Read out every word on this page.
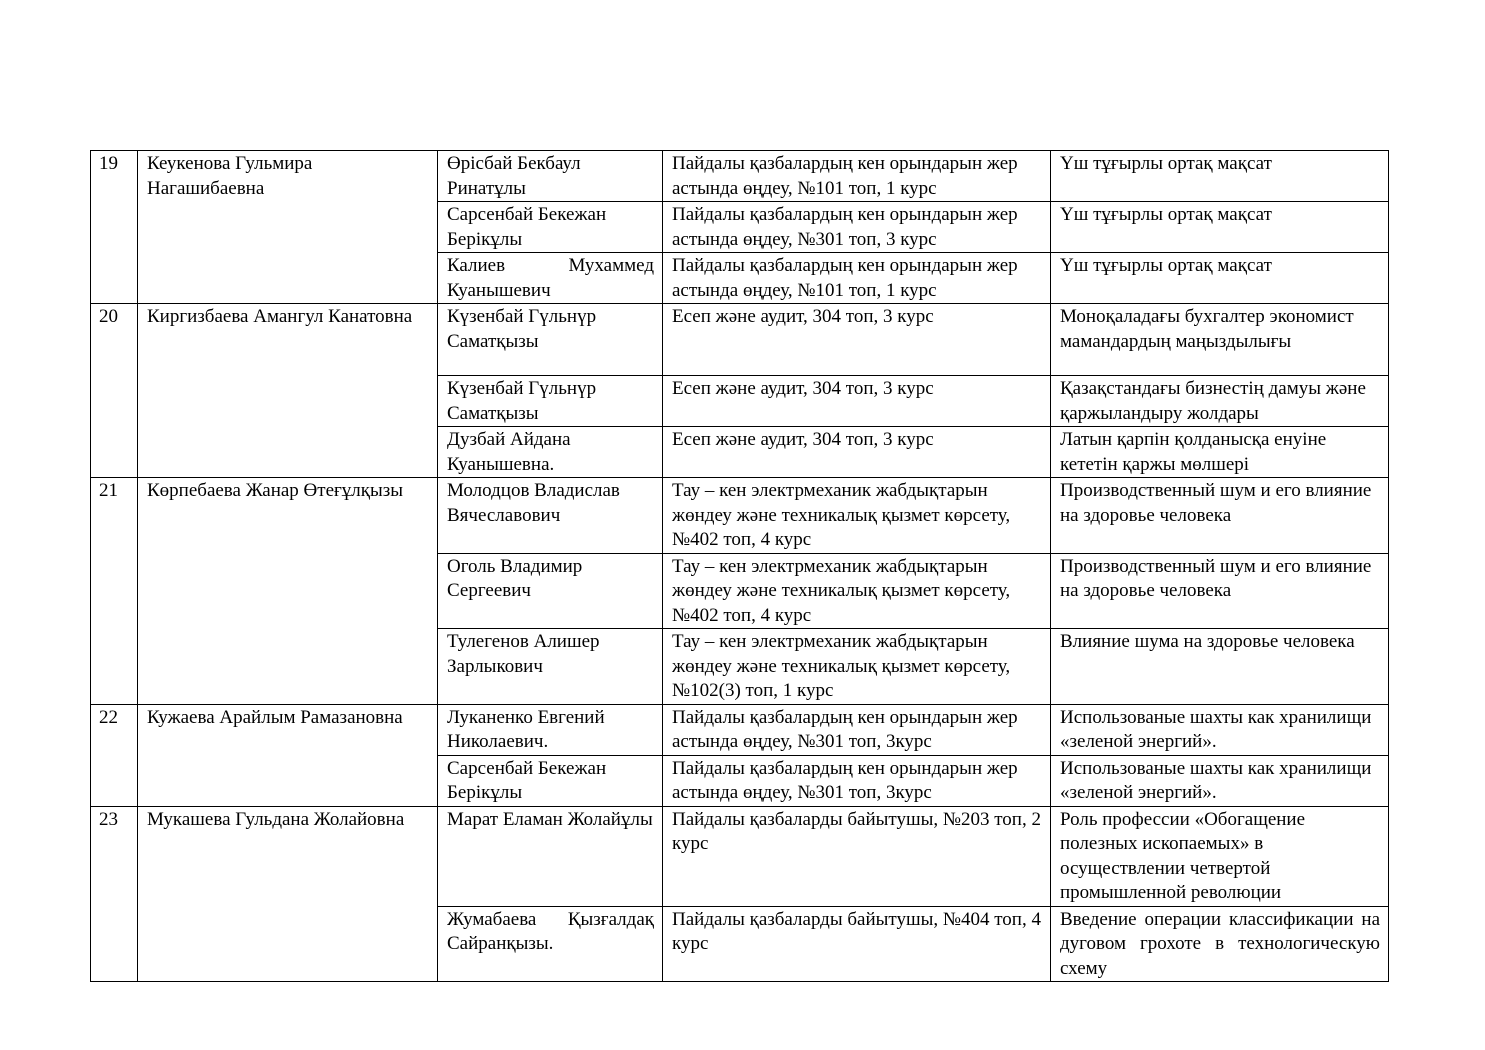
19	Кеукенова Гульмира Нагашибаевна	Өрісбай Бекбаул Ринатұлы	Пайдалы қазбалардың кен орындарын жер астында өңдеу, №101 топ, 1 курс	Үш тұғырлы ортақ мақсат
		Сарсенбай Бекежан Берікұлы	Пайдалы қазбалардың кен орындарын жер астында өңдеу, №301 топ, 3 курс	Үш тұғырлы ортақ мақсат
		Калиев Мухаммед Куанышевич	Пайдалы қазбалардың кен орындарын жер астында өңдеу, №101 топ, 1 курс	Үш тұғырлы ортақ мақсат
20	Киргизбаева Амангул Канатовна	Күзенбай Гүльнүр Саматқызы	Есеп және аудит, 304 топ, 3 курс	Моноқаладағы бухгалтер экономист мамандардың маңыздылығы
		Күзенбай Гүльнүр Саматқызы	Есеп және аудит, 304 топ, 3 курс	Қазақстандағы бизнестің дамуы және қаржыландыру жолдары
		Дузбай Айдана Куанышевна.	Есеп және аудит, 304 топ, 3 курс	Латын қарпін қолданысқа енуіне кететін қаржы мөлшері
21	Көрпебаева Жанар Өтеғұлқызы	Молодцов Владислав Вячеславович	Тау – кен электрмеханик жабдықтарын жөндеу және техникалық қызмет көрсету, №402 топ, 4 курс	Производственный шум и его влияние на здоровье человека
		Оголь Владимир Сергеевич	Тау – кен электрмеханик жабдықтарын жөндеу және техникалық қызмет көрсету, №402 топ, 4 курс	Производственный шум и его влияние на здоровье человека
		Тулегенов Алишер Зарлыкович	Тау – кен электрмеханик жабдықтарын жөндеу және техникалық қызмет көрсету, №102(3) топ, 1 курс	Влияние шума на здоровье человека
22	Кужаева Арайлым Рамазановна	Луканенко Евгений Николаевич.	Пайдалы қазбалардың кен орындарын жер астында өңдеу, №301 топ, 3курс	Использованые шахты как хранилищи «зеленой энергий».
		Сарсенбай Бекежан Берікұлы	Пайдалы қазбалардың кен орындарын жер астында өңдеу, №301 топ, 3курс	Использованые шахты как хранилищи «зеленой энергий».
23	Мукашева Гульдана Жолайовна	Марат Еламан Жолайұлы	Пайдалы қазбаларды байытушы, №203 топ, 2 курс	Роль профессии «Обогащение полезных ископаемых» в осуществлении четвертой промышленной революции
		Жумабаева Қызғалдақ Сайранқызы.	Пайдалы қазбаларды байытушы, №404 топ, 4 курс	Введение операции классификации на дуговом грохоте в технологическую схему
